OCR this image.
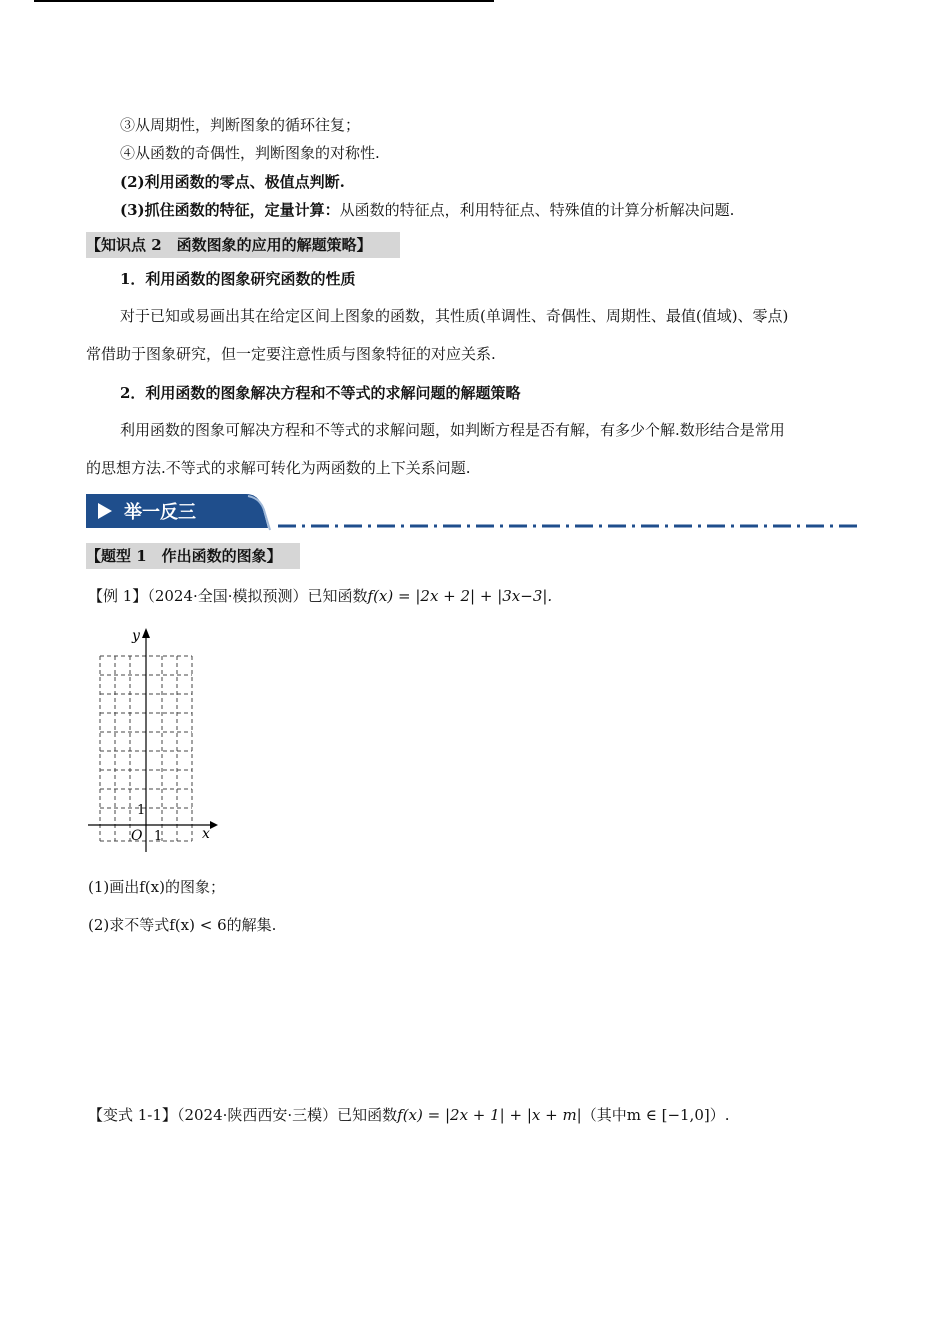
③从周期性，判断图象的循环往复；
④从函数的奇偶性，判断图象的对称性.
(2)利用函数的零点、极值点判断.
(3)抓住函数的特征，定量计算：从函数的特征点，利用特征点、特殊值的计算分析解决问题.
【知识点 2　函数图象的应用的解题策略】
1．利用函数的图象研究函数的性质
对于已知或易画出其在给定区间上图象的函数，其性质(单调性、奇偶性、周期性、最值(值域)、零点)
常借助于图象研究，但一定要注意性质与图象特征的对应关系.
2．利用函数的图象解决方程和不等式的求解问题的解题策略
利用函数的图象可解决方程和不等式的求解问题，如判断方程是否有解，有多少个解.数形结合是常用
的思想方法.不等式的求解可转化为两函数的上下关系问题.
举一反三
【题型 1　作出函数的图象】
【例 1】（2024·全国·模拟预测）已知函数f(x) = |2x + 2| + |3x−3|.
y
x
O 1
1
(1)画出f(x)的图象；
(2)求不等式f(x) < 6的解集.
【变式 1-1】（2024·陕西西安·三模）已知函数f(x) = |2x + 1| + |x + m|（其中m ∈ [−1,0]）.
